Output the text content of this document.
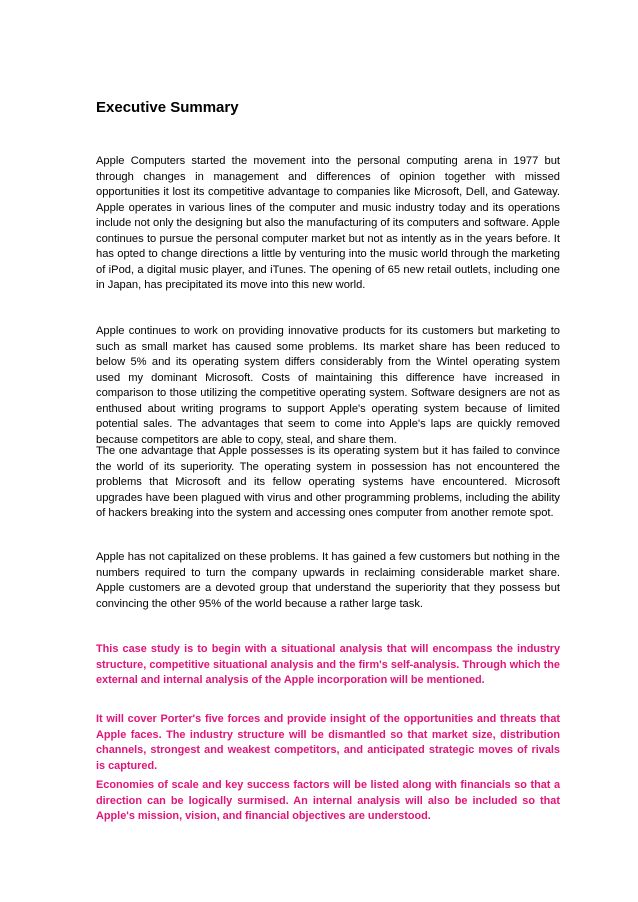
Executive Summary

Apple Computers started the movement into the personal computing arena in 1977 but through changes in management and differences of opinion together with missed opportunities it lost its competitive advantage to companies like Microsoft, Dell, and Gateway. Apple operates in various lines of the computer and music industry today and its operations include not only the designing but also the manufacturing of its computers and software. Apple continues to pursue the personal computer market but not as intently as in the years before. It has opted to change directions a little by venturing into the music world through the marketing of iPod, a digital music player, and iTunes. The opening of 65 new retail outlets, including one in Japan, has precipitated its move into this new world.

Apple continues to work on providing innovative products for its customers but marketing to such as small market has caused some problems. Its market share has been reduced to below 5% and its operating system differs considerably from the Wintel operating system used my dominant Microsoft. Costs of maintaining this difference have increased in comparison to those utilizing the competitive operating system. Software designers are not as enthused about writing programs to support Apple's operating system because of limited potential sales. The advantages that seem to come into Apple's laps are quickly removed because competitors are able to copy, steal, and share them.

The one advantage that Apple possesses is its operating system but it has failed to convince the world of its superiority. The operating system in possession has not encountered the problems that Microsoft and its fellow operating systems have encountered. Microsoft upgrades have been plagued with virus and other programming problems, including the ability of hackers breaking into the system and accessing ones computer from another remote spot.

Apple has not capitalized on these problems. It has gained a few customers but nothing in the numbers required to turn the company upwards in reclaiming considerable market share. Apple customers are a devoted group that understand the superiority that they possess but convincing the other 95% of the world because a rather large task.

This case study is to begin with a situational analysis that will encompass the industry structure, competitive situational analysis and the firm's self-analysis. Through which the external and internal analysis of the Apple incorporation will be mentioned.

It will cover Porter's five forces and provide insight of the opportunities and threats that Apple faces. The industry structure will be dismantled so that market size, distribution channels, strongest and weakest competitors, and anticipated strategic moves of rivals is captured.

Economies of scale and key success factors will be listed along with financials so that a direction can be logically surmised. An internal analysis will also be included so that Apple's mission, vision, and financial objectives are understood.
